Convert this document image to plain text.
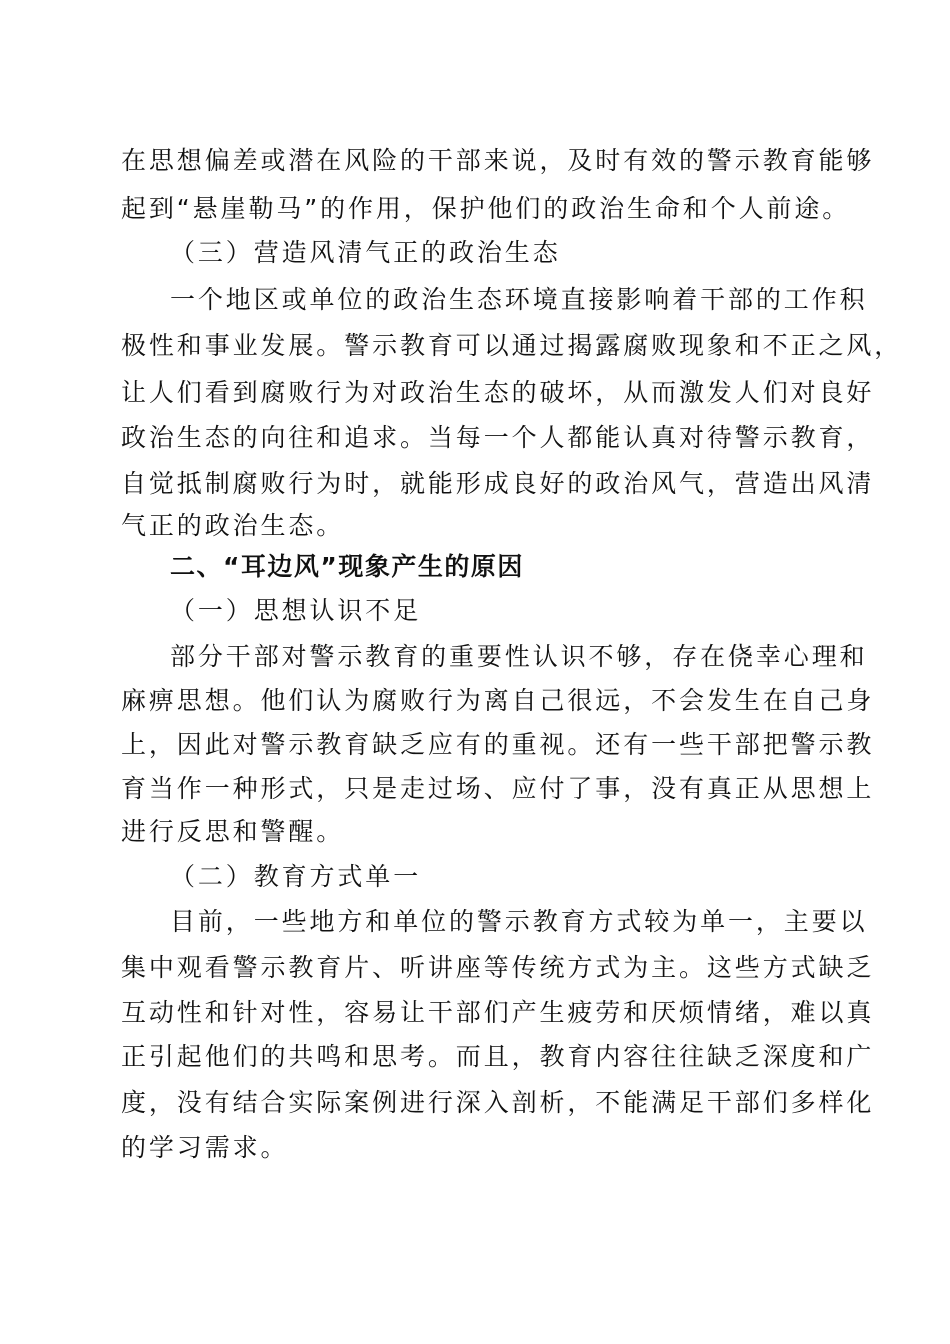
在思想偏差或潜在风险的干部来说，及时有效的警示教育能够
起到“悬崖勒马”的作用，保护他们的政治生命和个人前途。
（三）营造风清气正的政治生态
一个地区或单位的政治生态环境直接影响着干部的工作积
极性和事业发展。警示教育可以通过揭露腐败现象和不正之风，
让人们看到腐败行为对政治生态的破坏，从而激发人们对良好
政治生态的向往和追求。当每一个人都能认真对待警示教育，
自觉抵制腐败行为时，就能形成良好的政治风气，营造出风清
气正的政治生态。
二、“耳边风”现象产生的原因
（一）思想认识不足
部分干部对警示教育的重要性认识不够，存在侥幸心理和
麻痹思想。他们认为腐败行为离自己很远，不会发生在自己身
上，因此对警示教育缺乏应有的重视。还有一些干部把警示教
育当作一种形式，只是走过场、应付了事，没有真正从思想上
进行反思和警醒。
（二）教育方式单一
目前，一些地方和单位的警示教育方式较为单一，主要以
集中观看警示教育片、听讲座等传统方式为主。这些方式缺乏
互动性和针对性，容易让干部们产生疲劳和厌烦情绪，难以真
正引起他们的共鸣和思考。而且，教育内容往往缺乏深度和广
度，没有结合实际案例进行深入剖析，不能满足干部们多样化
的学习需求。
